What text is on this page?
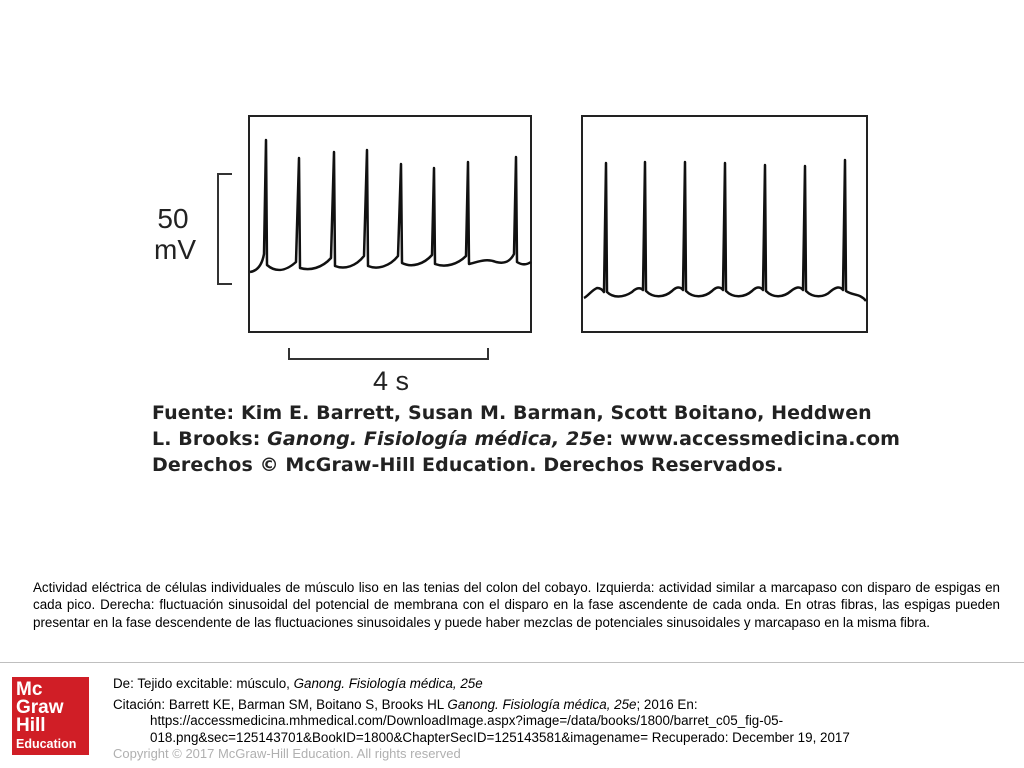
50
mV
4 s
Fuente: Kim E. Barrett, Susan M. Barman, Scott Boitano, Heddwen
L. Brooks: Ganong. Fisiología médica, 25e: www.accessmedicina.com
Derechos © McGraw-Hill Education. Derechos Reservados.
Actividad eléctrica de células individuales de músculo liso en las tenias del colon del cobayo. Izquierda: actividad similar a marcapaso con disparo de espigas en cada pico. Derecha: fluctuación sinusoidal del potencial de membrana con el disparo en la fase ascendente de cada onda. En otras fibras, las espigas pueden presentar en la fase descendente de las fluctuaciones sinusoidales y puede haber mezclas de potenciales sinusoidales y marcapaso en la misma fibra.
Mc
Graw
Hill
Education
De: Tejido excitable: músculo, Ganong. Fisiología médica, 25e
Citación: Barrett KE, Barman SM, Boitano S, Brooks HL Ganong. Fisiología médica, 25e; 2016 En:
https://accessmedicina.mhmedical.com/DownloadImage.aspx?image=/data/books/1800/barret_c05_fig-05-
018.png&sec=125143701&BookID=1800&ChapterSecID=125143581&imagename= Recuperado: December 19, 2017
Copyright © 2017 McGraw-Hill Education. All rights reserved
